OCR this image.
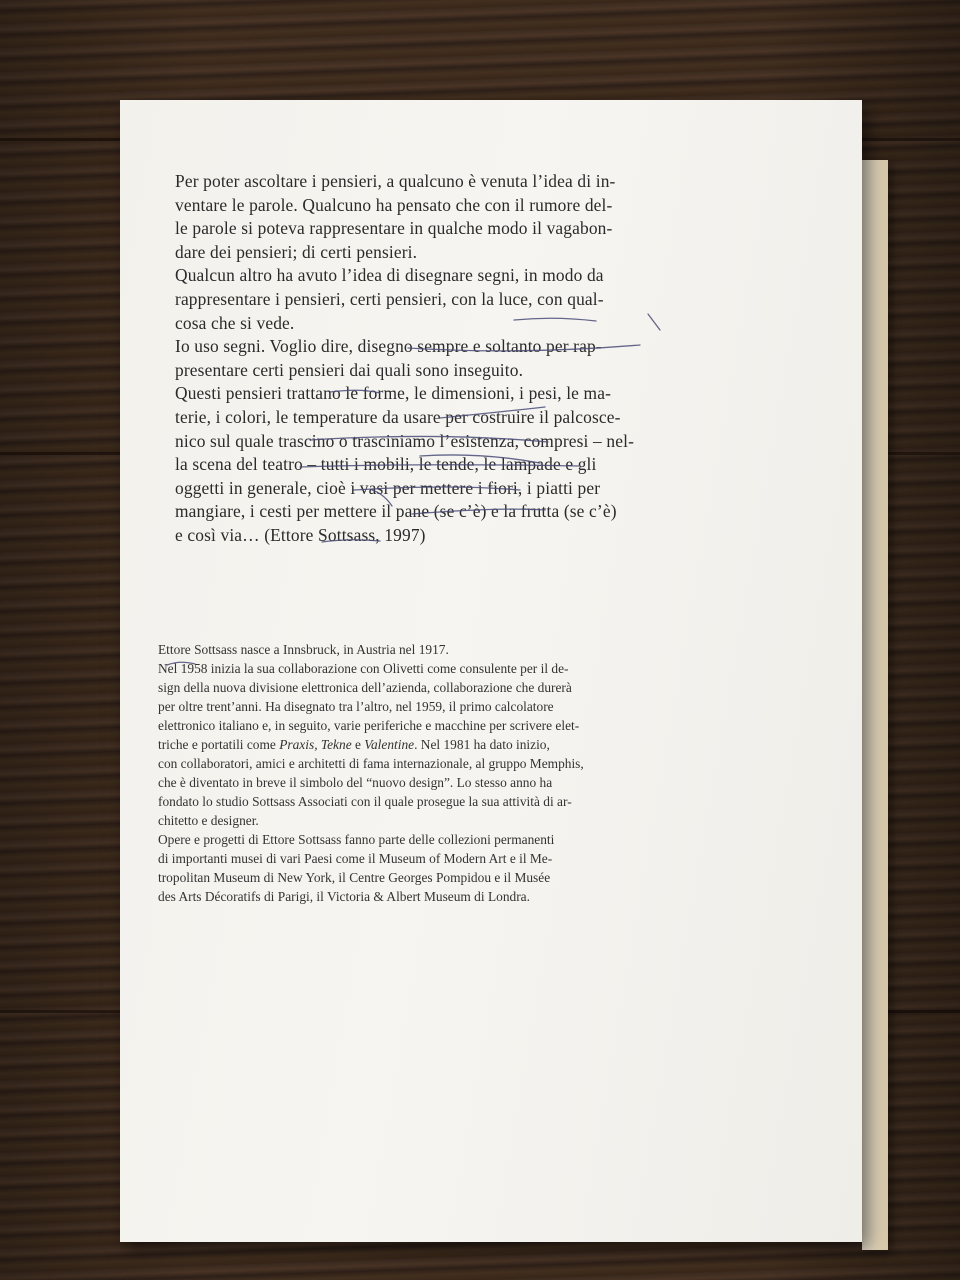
Per poter ascoltare i pensieri, a qualcuno è venuta l’idea di in-
ventare le parole. Qualcuno ha pensato che con il rumore del-
le parole si poteva rappresentare in qualche modo il vagabon-
dare dei pensieri; di certi pensieri.
Qualcun altro ha avuto l’idea di disegnare segni, in modo da
rappresentare i pensieri, certi pensieri, con la luce, con qual-
cosa che si vede.
Io uso segni. Voglio dire, disegno sempre e soltanto per rap-
presentare certi pensieri dai quali sono inseguito.
Questi pensieri trattano le forme, le dimensioni, i pesi, le ma-
terie, i colori, le temperature da usare per costruire il palcosce-
nico sul quale trascino o trasciniamo l’esistenza, compresi – nel-
la scena del teatro – tutti i mobili, le tende, le lampade e gli
oggetti in generale, cioè i vasi per mettere i fiori, i piatti per
mangiare, i cesti per mettere il pane (se c’è) e la frutta (se c’è)
e così via… (Ettore Sottsass, 1997)
Ettore Sottsass nasce a Innsbruck, in Austria nel 1917.
Nel 1958 inizia la sua collaborazione con Olivetti come consulente per il de-
sign della nuova divisione elettronica dell’azienda, collaborazione che durerà
per oltre trent’anni. Ha disegnato tra l’altro, nel 1959, il primo calcolatore
elettronico italiano e, in seguito, varie periferiche e macchine per scrivere elet-
triche e portatili come Praxis, Tekne e Valentine. Nel 1981 ha dato inizio,
con collaboratori, amici e architetti di fama internazionale, al gruppo Memphis,
che è diventato in breve il simbolo del “nuovo design”. Lo stesso anno ha
fondato lo studio Sottsass Associati con il quale prosegue la sua attività di ar-
chitetto e designer.
Opere e progetti di Ettore Sottsass fanno parte delle collezioni permanenti
di importanti musei di vari Paesi come il Museum of Modern Art e il Me-
tropolitan Museum di New York, il Centre Georges Pompidou e il Musée
des Arts Décoratifs di Parigi, il Victoria & Albert Museum di Londra.
